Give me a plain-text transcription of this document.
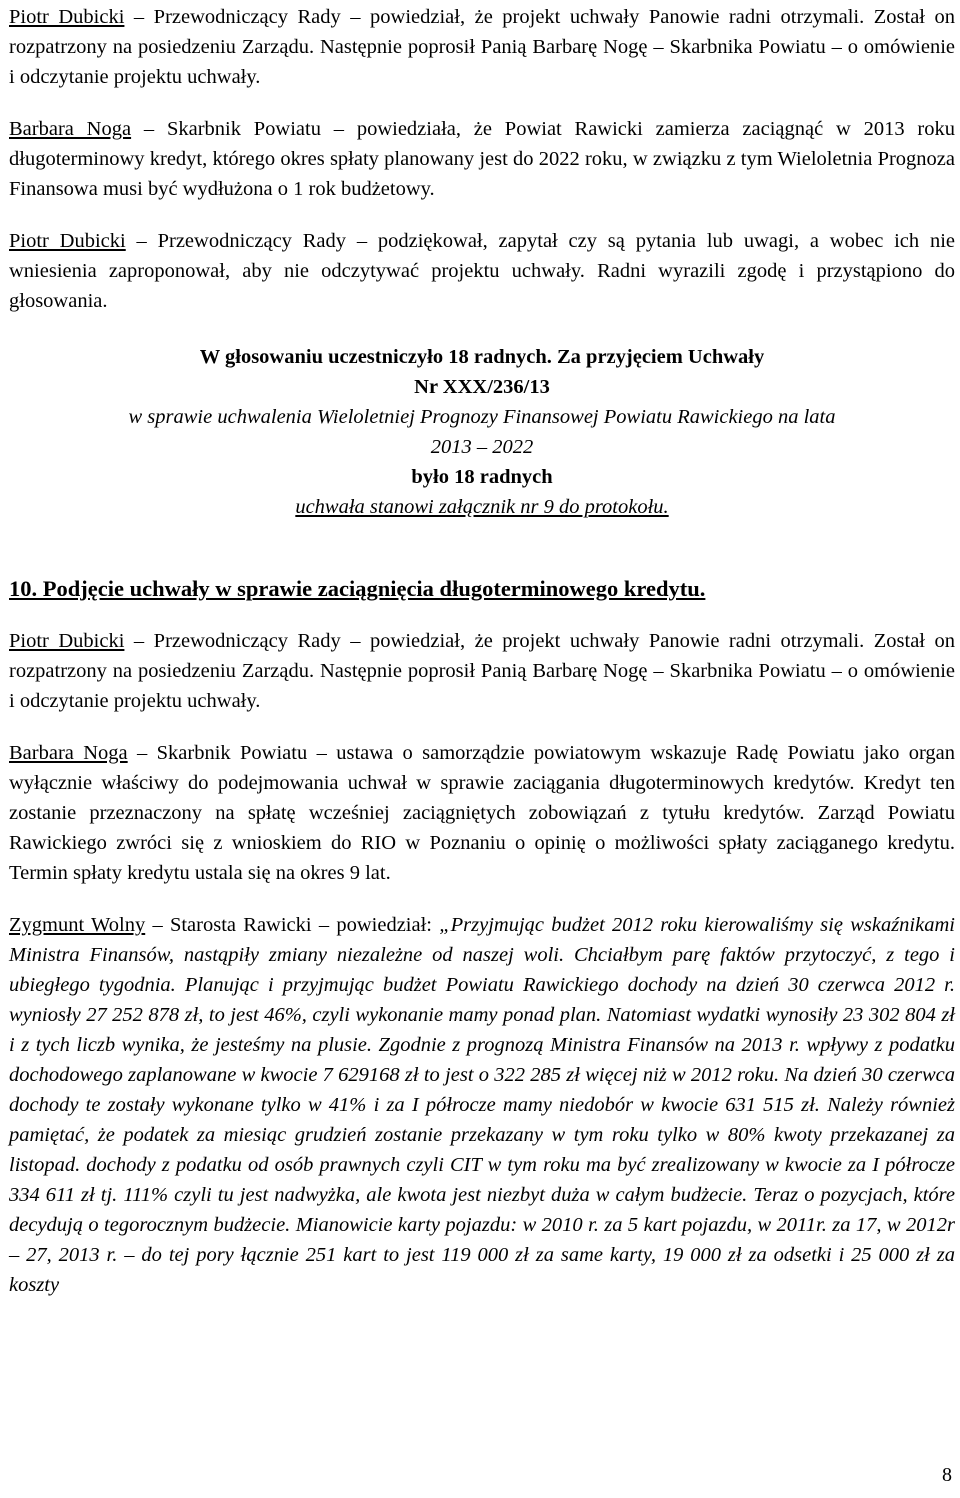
Piotr Dubicki – Przewodniczący Rady – powiedział, że projekt uchwały Panowie radni otrzymali. Został on rozpatrzony na posiedzeniu Zarządu. Następnie poprosił Panią Barbarę Nogę – Skarbnika Powiatu – o omówienie i odczytanie projektu uchwały.

Barbara Noga – Skarbnik Powiatu – powiedziała, że Powiat Rawicki zamierza zaciągnąć w 2013 roku długoterminowy kredyt, którego okres spłaty planowany jest do 2022 roku, w związku z tym Wieloletnia Prognoza Finansowa musi być wydłużona o 1 rok budżetowy.

Piotr Dubicki – Przewodniczący Rady – podziękował, zapytał czy są pytania lub uwagi, a wobec ich nie wniesienia zaproponował, aby nie odczytywać projektu uchwały. Radni wyrazili zgodę i przystąpiono do głosowania.

W głosowaniu uczestniczyło 18 radnych. Za przyjęciem Uchwały

Nr XXX/236/13

w sprawie uchwalenia Wieloletniej Prognozy Finansowej Powiatu Rawickiego na lata

2013 – 2022

było 18 radnych

uchwała stanowi załącznik nr 9 do protokołu.

10. Podjęcie uchwały w sprawie zaciągnięcia długoterminowego kredytu.

Piotr Dubicki – Przewodniczący Rady – powiedział, że projekt uchwały Panowie radni otrzymali. Został on rozpatrzony na posiedzeniu Zarządu. Następnie poprosił Panią Barbarę Nogę – Skarbnika Powiatu – o omówienie i odczytanie projektu uchwały.

Barbara Noga – Skarbnik Powiatu – ustawa o samorządzie powiatowym wskazuje Radę Powiatu jako organ wyłącznie właściwy do podejmowania uchwał w sprawie zaciągania długoterminowych kredytów. Kredyt ten zostanie przeznaczony na spłatę wcześniej zaciągniętych zobowiązań z tytułu kredytów. Zarząd Powiatu Rawickiego zwróci się z wnioskiem do RIO w Poznaniu o opinię o możliwości spłaty zaciąganego kredytu. Termin spłaty kredytu ustala się na okres 9 lat.

Zygmunt Wolny – Starosta Rawicki – powiedział: „Przyjmując budżet 2012 roku kierowaliśmy się wskaźnikami Ministra Finansów, nastąpiły zmiany niezależne od naszej woli. Chciałbym parę faktów przytoczyć, z tego i ubiegłego tygodnia. Planując i przyjmując budżet Powiatu Rawickiego dochody na dzień 30 czerwca 2012 r. wyniosły 27 252 878 zł, to jest 46%, czyli wykonanie mamy ponad plan. Natomiast wydatki wynosiły 23 302 804 zł i z tych liczb wynika, że jesteśmy na plusie. Zgodnie z prognozą Ministra Finansów na 2013 r. wpływy z podatku dochodowego zaplanowane w kwocie 7 629168 zł to jest o 322 285 zł więcej niż w 2012 roku. Na dzień 30 czerwca dochody te zostały wykonane tylko w 41% i za I półrocze mamy niedobór w kwocie 631 515 zł. Należy również pamiętać, że podatek za miesiąc grudzień zostanie przekazany w tym roku tylko w 80% kwoty przekazanej za listopad. dochody z podatku od osób prawnych czyli CIT w tym roku ma być zrealizowany w kwocie za I półrocze 334 611 zł tj. 111% czyli tu jest nadwyżka, ale kwota jest niezbyt duża w całym budżecie. Teraz o pozycjach, które decydują o tegorocznym budżecie. Mianowicie karty pojazdu: w 2010 r. za 5 kart pojazdu, w 2011r. za 17, w 2012r – 27, 2013 r. – do tej pory łącznie 251 kart to jest 119 000 zł za same karty, 19 000 zł za odsetki i 25 000 zł za koszty

8
